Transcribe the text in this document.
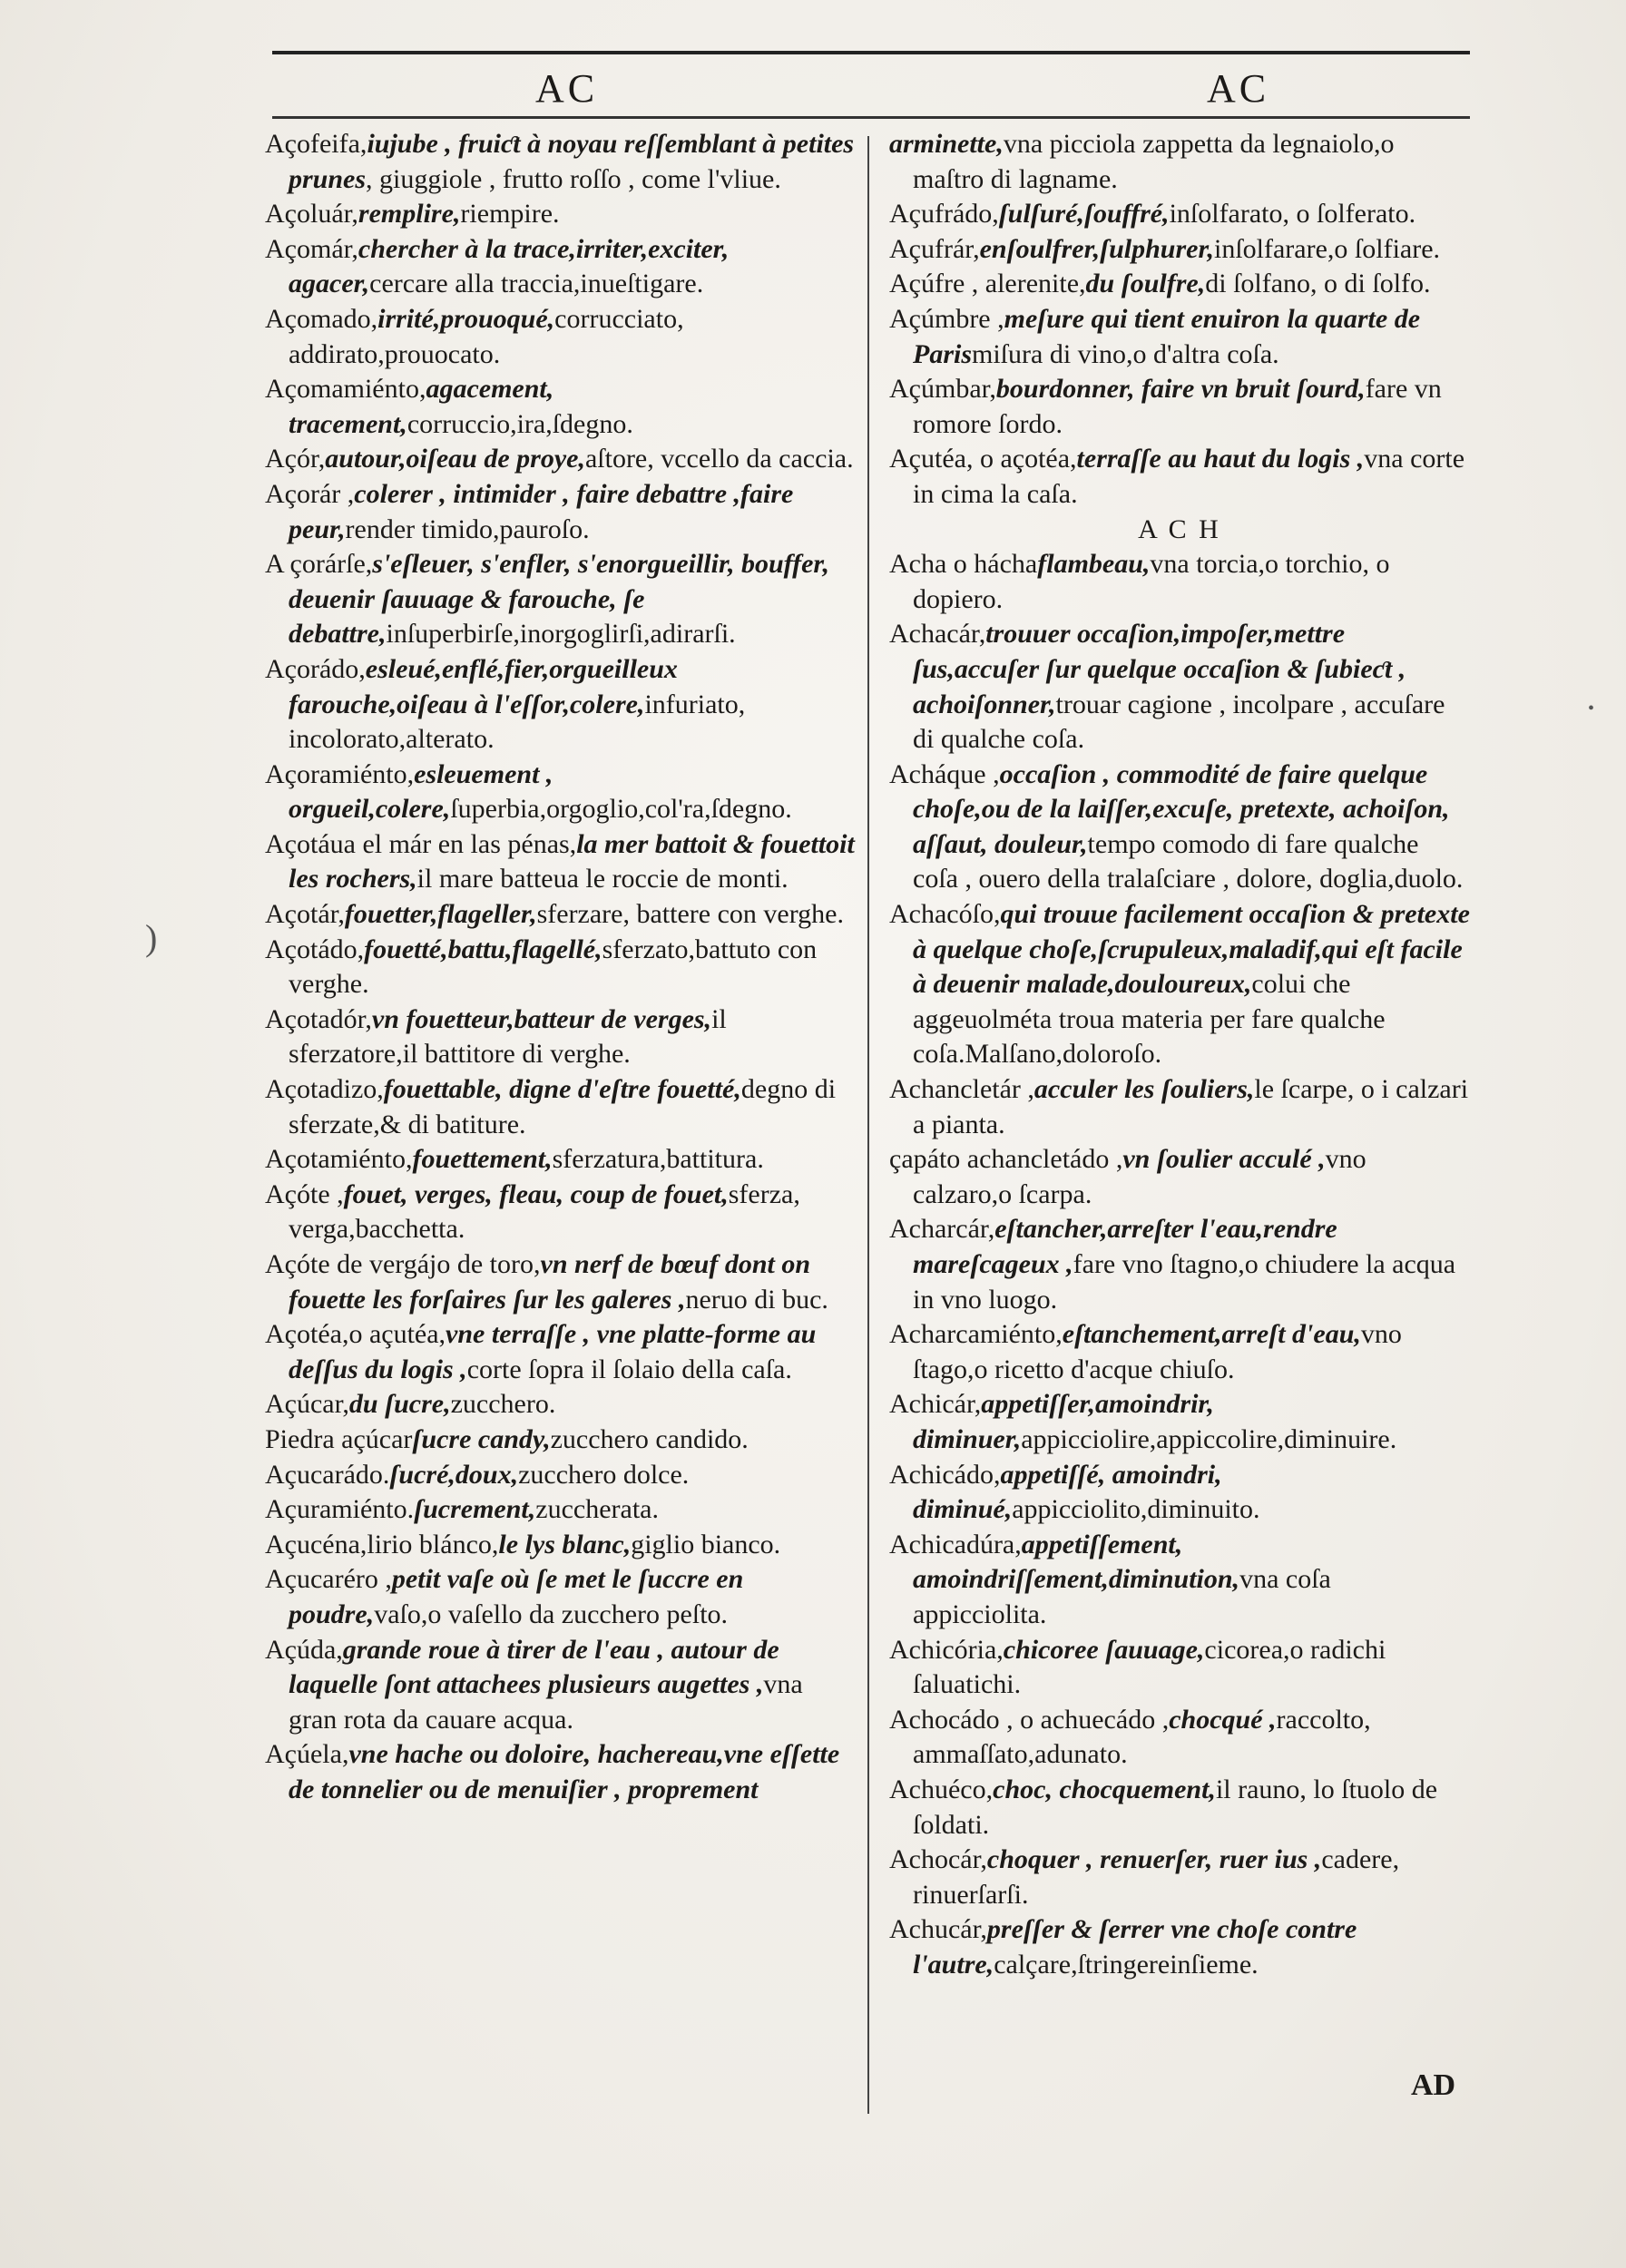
AC	AC

Açofeifa,iujube , fruiƈt à noyau reſſemblant à petites prunes, giuggiole , frutto roſſo , come l'vliue.

Açoluár,remplire,riempire.

Açomár,chercher à la trace,irriter,exciter, agacer,cercare alla traccia,inueſtigare.

Açomado,irrité,prouoqué,corrucciato, addirato,prouocato.

Açomamiénto,agacement, tracement,corruccio,ira,ſdegno.

Açór,autour,oiſeau de proye,aſtore, vccello da caccia.

Açorár ,colerer , intimider , faire debattre ,faire peur,render timido,pauroſo.

A çorárſe,s'eſleuer, s'enfler, s'enorgueillir, bouffer, deuenir ſauuage & farouche, ſe debattre,inſuperbirſe,inorgoglirſi,adirarſi.

Açorádo,esleué,enflé,fier,orgueilleux farouche,oiſeau à l'eſſor,colere,infuriato, incolorato,alterato.

Açoramiénto,esleuement , orgueil,colere,ſuperbia,orgoglio,col'ra,ſdegno.

Açotáua el már en las pénas,la mer battoit & fouettoit les rochers,il mare batteua le roccie de monti.

Açotár,fouetter,flageller,sferzare, battere con verghe.

Açotádo,fouetté,battu,flagellé,sferzato,battuto con verghe.

Açotadór,vn fouetteur,batteur de verges,il sferzatore,il battitore di verghe.

Açotadizo,fouettable, digne d'eſtre fouetté,degno di sferzate,& di batiture.

Açotamiénto,fouettement,sferzatura,battitura.

Açóte ,fouet, verges, fleau, coup de fouet,sferza, verga,bacchetta.

Açóte de vergájo de toro,vn nerf de bœuf dont on fouette les forſaires ſur les galeres ,neruo di buc.

Açotéa,o açutéa,vne terraſſe , vne platte-forme au deſſus du logis ,corte ſopra il ſolaio della caſa.

Açúcar,du ſucre,zucchero.

Piedra açúcarſucre candy,zucchero candido.

Açucarádo.ſucré,doux,zucchero dolce.

Açuramiénto.ſucrement,zuccherata.

Açucéna,lirio blánco,le lys blanc,giglio bianco.

Açucaréro ,petit vaſe où ſe met le ſuccre en poudre,vaſo,o vaſello da zucchero peſto.

Açúda,grande roue à tirer de l'eau , autour de laquelle ſont attachees plusieurs augettes ,vna gran rota da cauare acqua.

Açúela,vne hache ou doloire, hachereau,vne eſſette de tonnelier ou de menuiſier , proprement

arminette,vna picciola zappetta da legnaiolo,o maſtro di lagname.

Açufrádo,ſulſuré,ſouffré,inſolfarato, o ſolferato.

Açufrár,enſoulfrer,ſulphurer,inſolfarare,o ſolfiare.

Açúfre , alerenite,du ſoulfre,di ſolfano, o di ſolfo.

Açúmbre ,meſure qui tient enuiron la quarte de Parismiſura di vino,o d'altra coſa.

Açúmbar,bourdonner, faire vn bruit ſourd,fare vn romore ſordo.

Açutéa, o açotéa,terraſſe au haut du logis ,vna corte in cima la caſa.

A C H

Acha o háchaflambeau,vna torcia,o torchio, o dopiero.

Achacár,trouuer occaſion,impoſer,mettre ſus,accuſer ſur quelque occaſion & ſubieƈt , achoiſonner,trouar cagione , incolpare , accuſare di qualche coſa.

Acháque ,occaſion , commodité de faire quelque choſe,ou de la laiſſer,excuſe, pretexte, achoiſon, aſſaut, douleur,tempo comodo di fare qualche coſa , ouero della tralaſciare , dolore, doglia,duolo.

Achacóſo,qui trouue facilement occaſion & pretexte à quelque choſe,ſcrupuleux,maladif,qui eſt facile à deuenir malade,douloureux,colui che aggeuolméta troua materia per fare qualche coſa.Malſano,doloroſo.

Achancletár ,acculer les ſouliers,le ſcarpe, o i calzari a pianta.

çapáto achancletádo ,vn ſoulier acculé ,vno calzaro,o ſcarpa.

Acharcár,eſtancher,arreſter l'eau,rendre mareſcageux ,fare vno ſtagno,o chiudere la acqua in vno luogo.

Acharcamiénto,eſtanchement,arreſt d'eau,vno ſtago,o ricetto d'acque chiuſo.

Achicár,appetiſſer,amoindrir, diminuer,appicciolire,appiccolire,diminuire.

Achicádo,appetiſſé, amoindri, diminué,appicciolito,diminuito.

Achicadúra,appetiſſement, amoindriſſement,diminution,vna coſa appicciolita.

Achicória,chicoree ſauuage,cicorea,o radichi ſaluatichi.

Achocádo , o achuecádo ,chocqué ,raccolto, ammaſſato,adunato.

Achuéco,choc, chocquement,il rauno, lo ſtuolo de ſoldati.

Achocár,choquer , renuerſer, ruer ius ,cadere, rinuerſarſi.

Achucár,preſſer & ſerrer vne choſe contre l'autre,calçare,ſtringereinſieme.

AD
)
•
